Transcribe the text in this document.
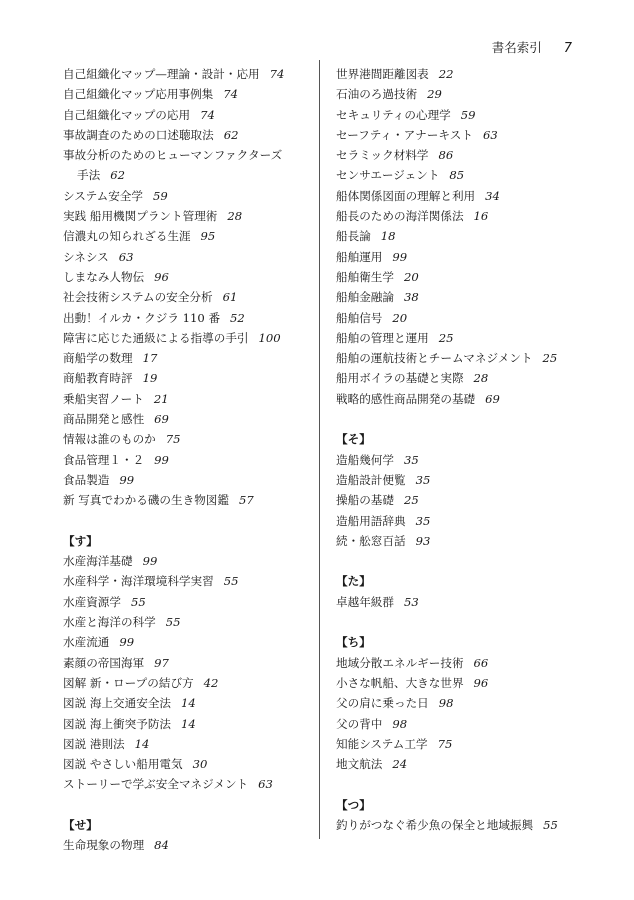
書名索引 7
自己組織化マップ—理論・設計・応用 74
自己組織化マップ応用事例集 74
自己組織化マップの応用 74
事故調査のための口述聴取法 62
事故分析のためのヒューマンファクターズ
手法 62
システム安全学 59
実践 船用機関プラント管理術 28
信濃丸の知られざる生涯 95
シネシス 63
しまなみ人物伝 96
社会技術システムの安全分析 61
出動！イルカ・クジラ 110 番 52
障害に応じた通級による指導の手引 100
商船学の数理 17
商船教育時評 19
乗船実習ノート 21
商品開発と感性 69
情報は誰のものか 75
食品管理１・２ 99
食品製造 99
新 写真でわかる磯の生き物図鑑 57
【す】
水産海洋基礎 99
水産科学・海洋環境科学実習 55
水産資源学 55
水産と海洋の科学 55
水産流通 99
素顔の帝国海軍 97
図解 新・ロープの結び方 42
図説 海上交通安全法 14
図説 海上衝突予防法 14
図説 港則法 14
図説 やさしい船用電気 30
ストーリーで学ぶ安全マネジメント 63
【せ】
生命現象の物理 84
世界港間距離図表 22
石油のろ過技術 29
セキュリティの心理学 59
セーフティ・アナーキスト 63
セラミック材料学 86
センサエージェント 85
船体関係図面の理解と利用 34
船長のための海洋関係法 16
船長論 18
船舶運用 99
船舶衛生学 20
船舶金融論 38
船舶信号 20
船舶の管理と運用 25
船舶の運航技術とチームマネジメント 25
船用ボイラの基礎と実際 28
戦略的感性商品開発の基礎 69
【そ】
造船幾何学 35
造船設計便覧 35
操船の基礎 25
造船用語辞典 35
続・舩窓百話 93
【た】
卓越年級群 53
【ち】
地域分散エネルギー技術 66
小さな帆船、大きな世界 96
父の肩に乗った日 98
父の背中 98
知能システム工学 75
地文航法 24
【つ】
釣りがつなぐ希少魚の保全と地域振興 55
